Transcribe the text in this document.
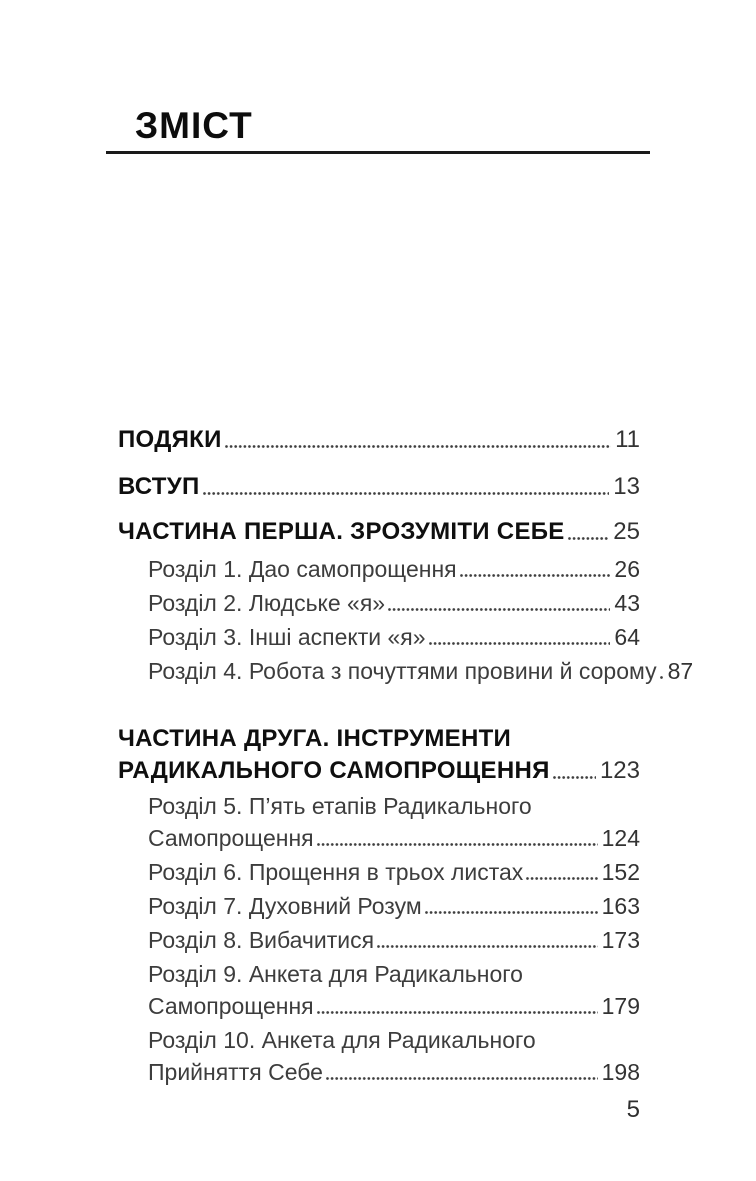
ЗМІСТ
ПОДЯКИ	11
ВСТУП	13
ЧАСТИНА ПЕРША. ЗРОЗУМІТИ СЕБЕ 25
Розділ 1. Дао самопрощення	26
Розділ 2. Людське «я»	43
Розділ 3. Інші аспекти «я»	64
Розділ 4. Робота з почуттями провини й сорому 87
ЧАСТИНА ДРУГА. ІНСТРУМЕНТИ
РАДИКАЛЬНОГО САМОПРОЩЕННЯ 123
Розділ 5. П’ять етапів Радикального
Самопрощення	124
Розділ 6. Прощення в трьох листах	152
Розділ 7. Духовний Розум	163
Розділ 8. Вибачитися	173
Розділ 9. Анкета для Радикального
Самопрощення	179
Розділ 10. Анкета для Радикального
Прийняття Себе	198
5
